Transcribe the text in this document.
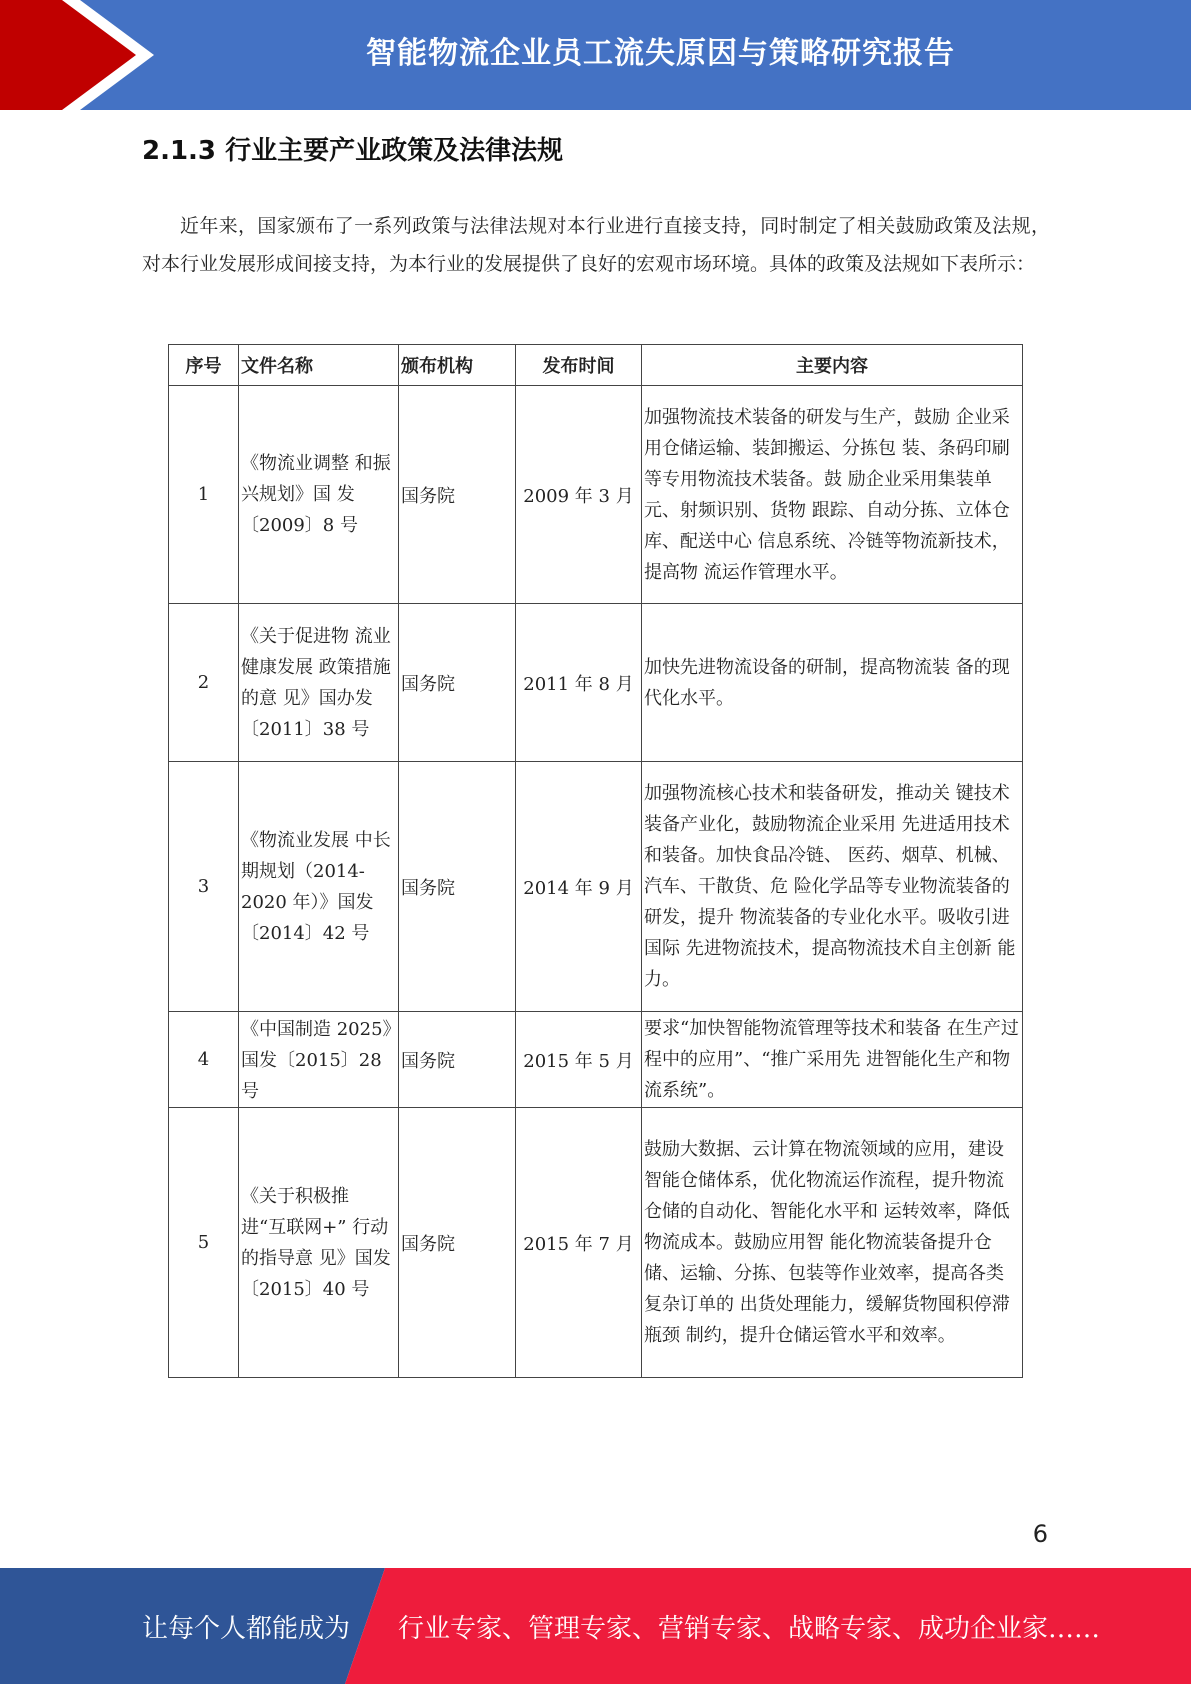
智能物流企业员工流失原因与策略研究报告
2.1.3 行业主要产业政策及法律法规
近年来，国家颁布了一系列政策与法律法规对本行业进行直接支持，同时制定了相关鼓励政策及法规，对本行业发展形成间接支持，为本行业的发展提供了良好的宏观市场环境。具体的政策及法规如下表所示：
序号	文件名称	颁布机构	发布时间	主要内容
1	《物流业调整 和振兴规划》国 发〔2009〕8 号	国务院	2009 年 3 月	加强物流技术装备的研发与生产，鼓励 企业采用仓储运输、装卸搬运、分拣包 装、条码印刷等专用物流技术装备。鼓 励企业采用集装单元、射频识别、货物 跟踪、自动分拣、立体仓库、配送中心 信息系统、冷链等物流新技术，提高物 流运作管理水平。
2	《关于促进物 流业健康发展 政策措施的意 见》国办发〔2011〕38 号	国务院	2011 年 8 月	加快先进物流设备的研制，提高物流装 备的现代化水平。
3	《物流业发展 中长期规划（2014-2020 年）》国发〔2014〕42 号	国务院	2014 年 9 月	加强物流核心技术和装备研发，推动关 键技术装备产业化，鼓励物流企业采用 先进适用技术和装备。加快食品冷链、 医药、烟草、机械、汽车、干散货、危 险化学品等专业物流装备的研发，提升 物流装备的专业化水平。吸收引进国际 先进物流技术，提高物流技术自主创新 能力。
4	《中国制造 2025》国发〔2015〕28 号	国务院	2015 年 5 月	要求“加快智能物流管理等技术和装备 在生产过程中的应用”、“推广采用先 进智能化生产和物流系统”。
5	《关于积极推 进“互联网+” 行动的指导意 见》国发〔2015〕40 号	国务院	2015 年 7 月	鼓励大数据、云计算在物流领域的应用，建设智能仓储体系，优化物流运作流程，提升物流仓储的自动化、智能化水平和 运转效率，降低物流成本。鼓励应用智 能化物流装备提升仓储、运输、分拣、包装等作业效率，提高各类复杂订单的 出货处理能力，缓解货物囤积停滞瓶颈 制约，提升仓储运管水平和效率。
6
让每个人都能成为 行业专家、管理专家、营销专家、战略专家、成功企业家……
